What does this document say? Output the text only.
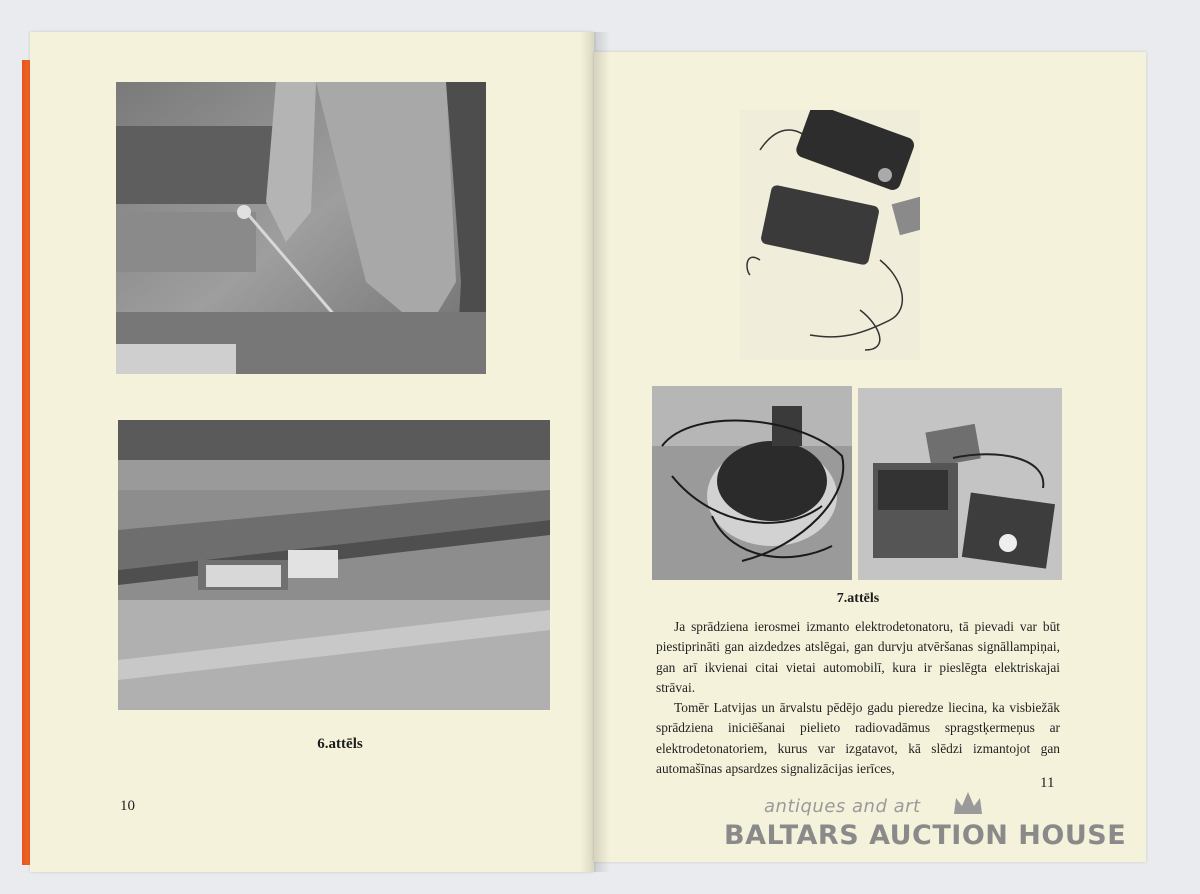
6.attēls
10
7.attēls

Ja sprādziena ierosmei izmanto elektrodetonatoru, tā pievadi var būt piestiprināti gan aizdedzes atslēgai, gan durvju atvēršanas signāllampiņai, gan arī ikvienai citai vietai automobilī, kura ir pieslēgta elektriskajai strāvai.

Tomēr Latvijas un ārvalstu pēdējo gadu pieredze liecina, ka visbiežāk sprādziena iniciēšanai pielieto radiovadāmus spragstķermeņus ar elektrodetonatoriem, kurus var izgatavot, kā slēdzi izmantojot gan automašīnas apsardzes signalizācijas ierīces,

11
antiques and art
BALTARS AUCTION HOUSE
